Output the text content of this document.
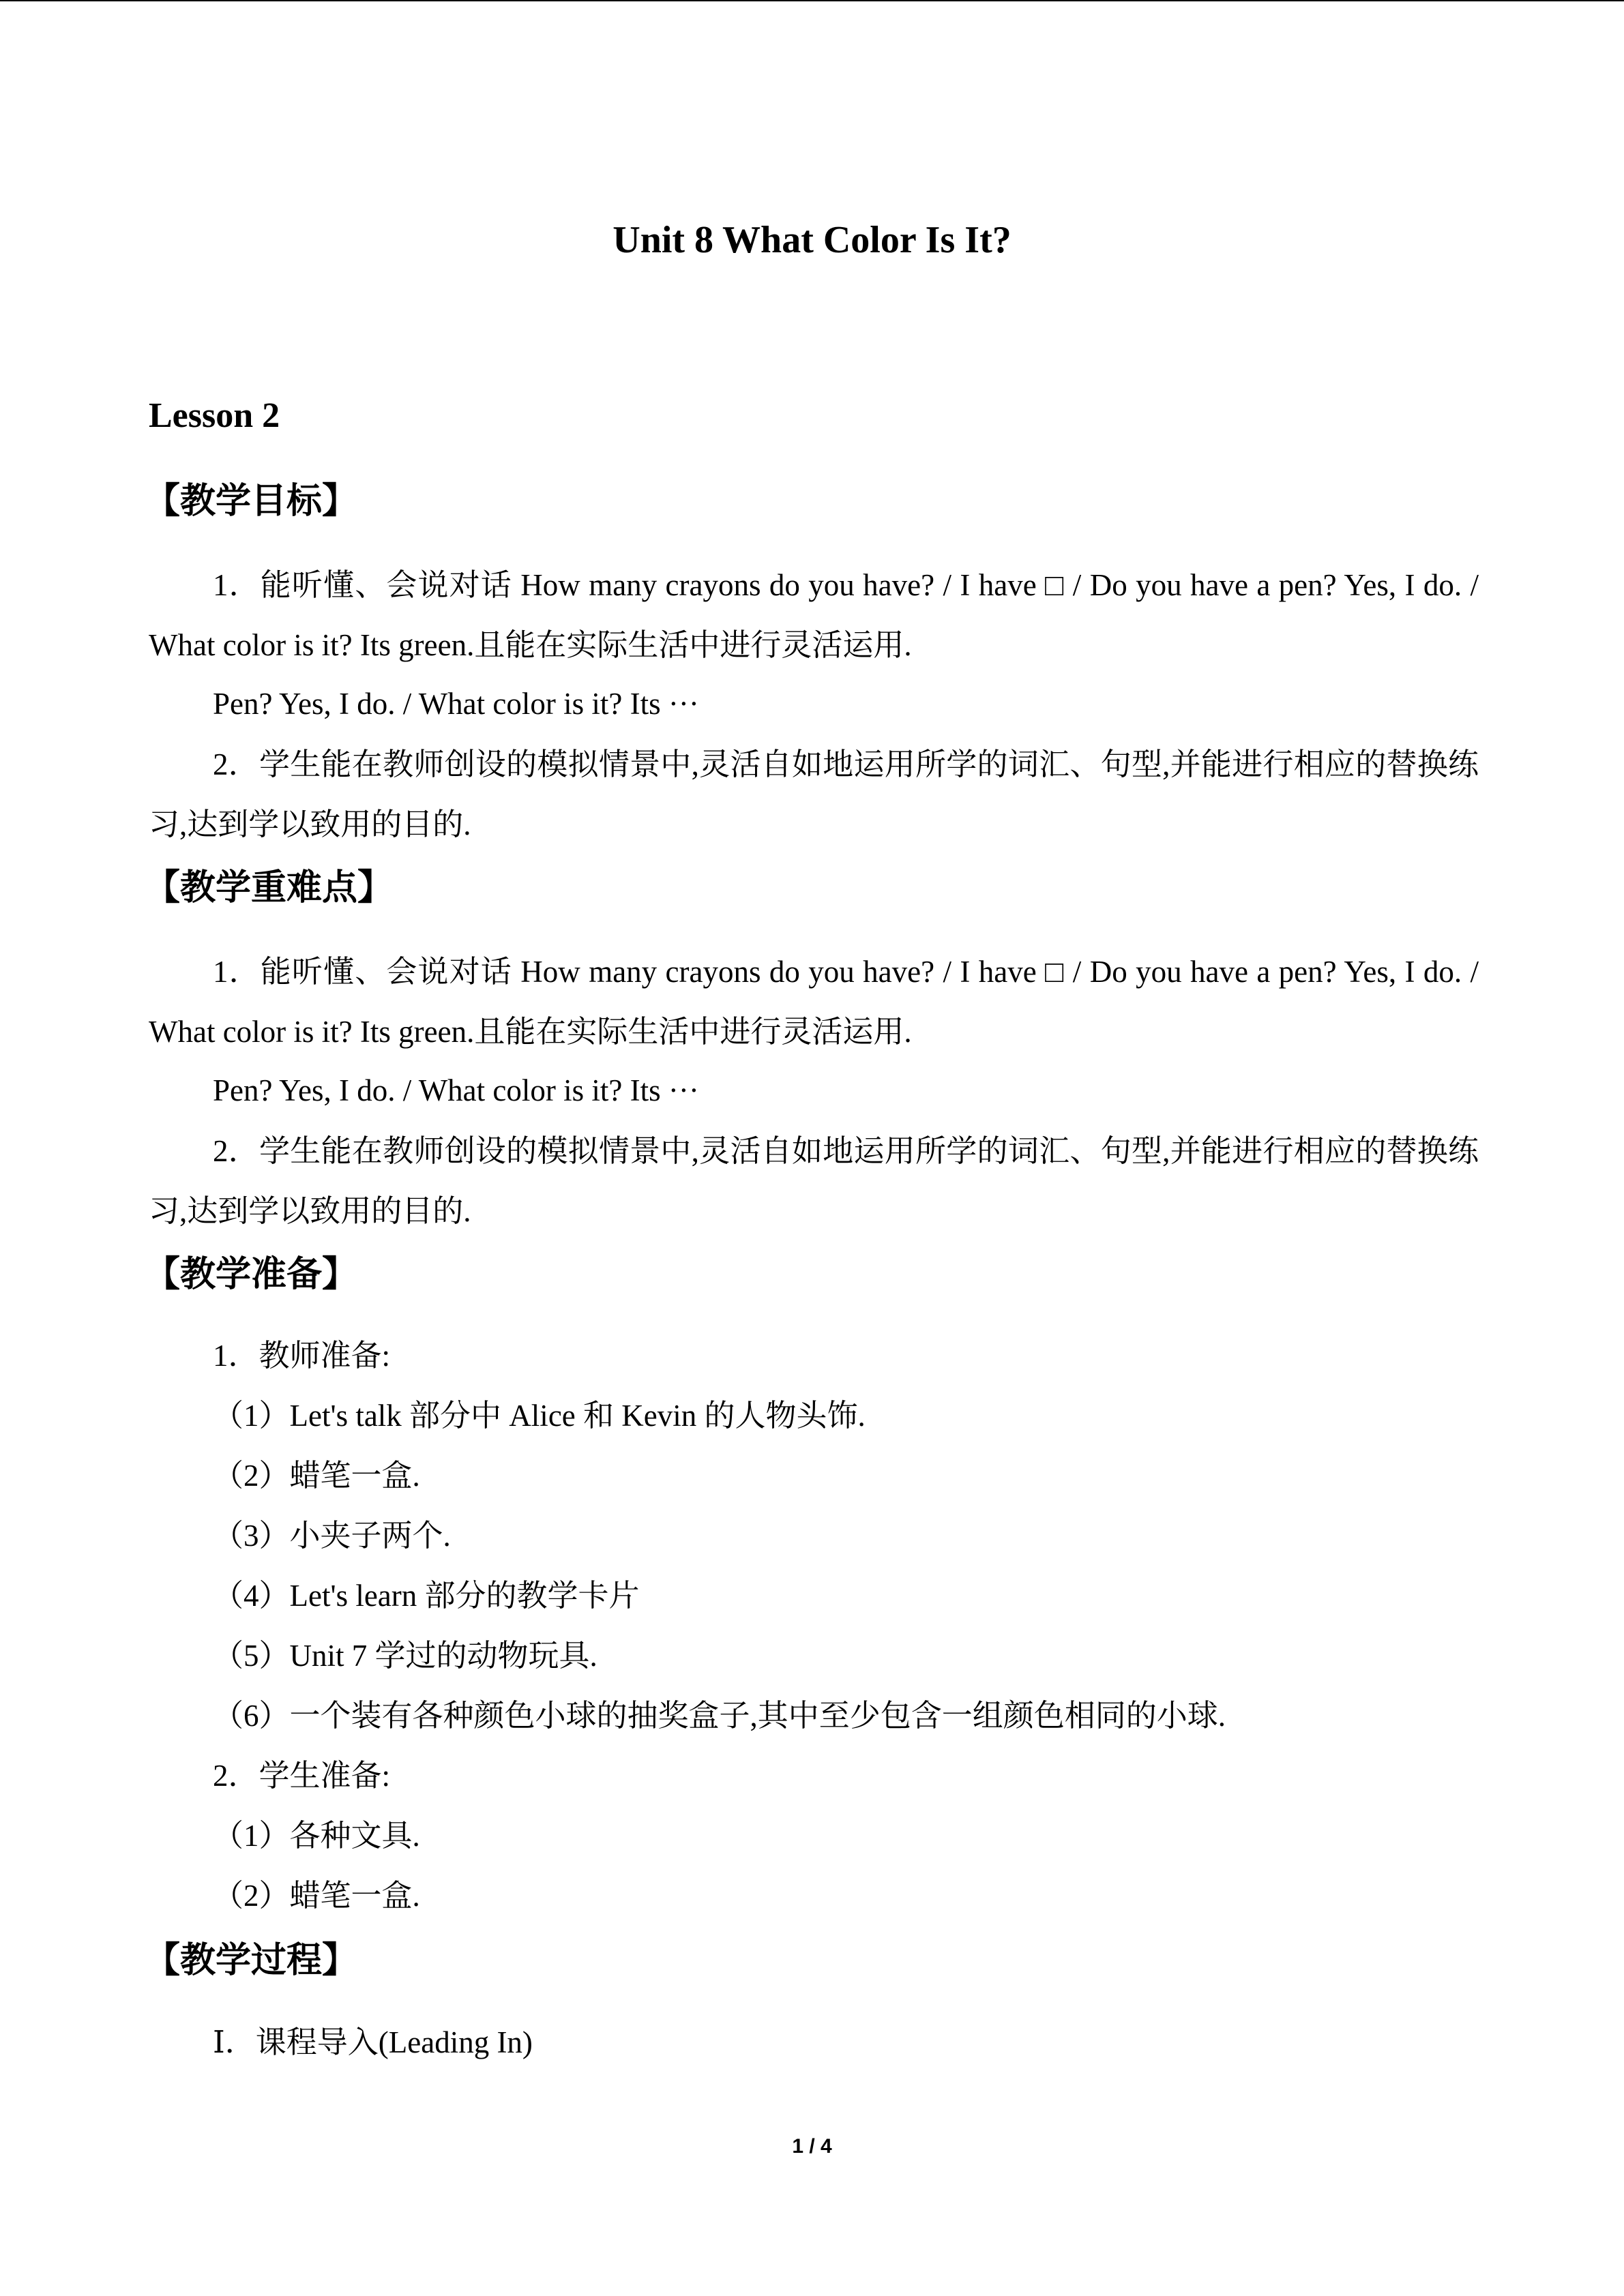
Unit 8 What Color Is It?
Lesson 2
【教学目标】
1．能听懂、会说对话 How many crayons do you have? / I have □ / Do you have a pen? Yes, I do. / What color is it? Its green.且能在实际生活中进行灵活运用.
Pen? Yes, I do. / What color is it? Its ···
2．学生能在教师创设的模拟情景中,灵活自如地运用所学的词汇、句型,并能进行相应的替换练习,达到学以致用的目的.
【教学重难点】
1．能听懂、会说对话 How many crayons do you have? / I have □ / Do you have a pen? Yes, I do. / What color is it? Its green.且能在实际生活中进行灵活运用.
Pen? Yes, I do. / What color is it? Its ···
2．学生能在教师创设的模拟情景中,灵活自如地运用所学的词汇、句型,并能进行相应的替换练习,达到学以致用的目的.
【教学准备】
1．教师准备:
（1）Let's talk 部分中 Alice 和 Kevin 的人物头饰.
（2）蜡笔一盒.
（3）小夹子两个.
（4）Let's learn 部分的教学卡片
（5）Unit 7 学过的动物玩具.
（6）一个装有各种颜色小球的抽奖盒子,其中至少包含一组颜色相同的小球.
2．学生准备:
（1）各种文具.
（2）蜡笔一盒.
【教学过程】
Ⅰ．课程导入(Leading In)
1 / 4
